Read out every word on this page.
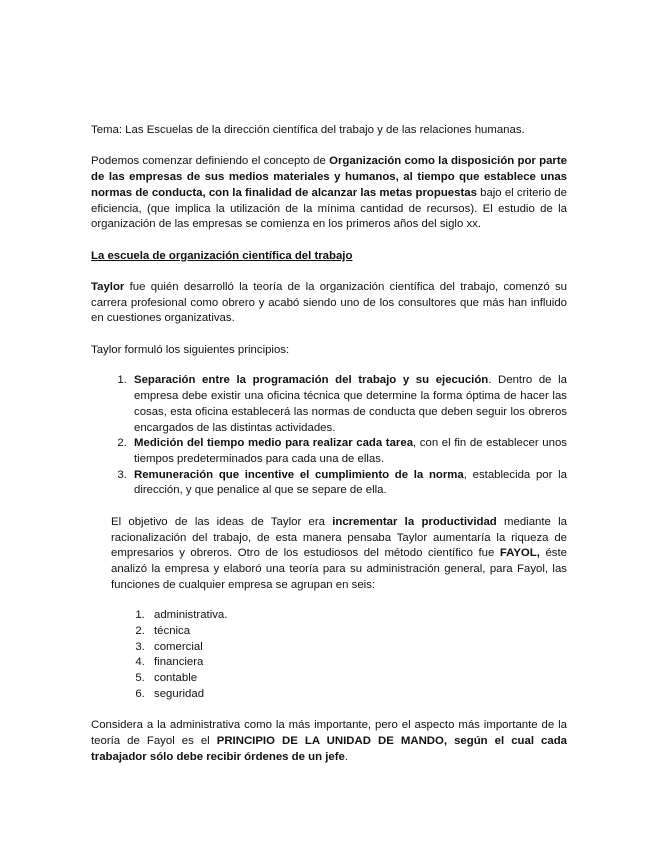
Tema: Las Escuelas de la dirección científica del trabajo y de las relaciones humanas.

Podemos comenzar definiendo el concepto de Organización como la disposición por parte de las empresas de sus medios materiales y humanos, al tiempo que establece unas normas de conducta, con la finalidad de alcanzar las metas propuestas bajo el criterio de eficiencia, (que implica la utilización de la mínima cantidad de recursos). El estudio de la organización de las empresas se comienza en los primeros años del siglo xx.

La escuela de organización científica del trabajo

Taylor fue quién desarrolló la teoría de la organización científica del trabajo, comenzó su carrera profesional como obrero y acabó siendo uno de los consultores que más han influido en cuestiones organizativas.

Taylor formuló los siguientes principios:

1. Separación entre la programación del trabajo y su ejecución. Dentro de la empresa debe existir una oficina técnica que determine la forma óptima de hacer las cosas, esta oficina establecerá las normas de conducta que deben seguir los obreros encargados de las distintas actividades.
2. Medición del tiempo medio para realizar cada tarea, con el fin de establecer unos tiempos predeterminados para cada una de ellas.
3. Remuneración que incentive el cumplimiento de la norma, establecida por la dirección, y que penalice al que se separe de ella.

El objetivo de las ideas de Taylor era incrementar la productividad mediante la racionalización del trabajo, de esta manera pensaba Taylor aumentaría la riqueza de empresarios y obreros. Otro de los estudiosos del método científico fue FAYOL, éste analizó la empresa y elaboró una teoría para su administración general, para Fayol, las funciones de cualquier empresa se agrupan en seis:

1. administrativa.
2. técnica
3. comercial
4. financiera
5. contable
6. seguridad

Considera a la administrativa como la más importante, pero el aspecto más importante de la teoría de Fayol es el PRINCIPIO DE LA UNIDAD DE MANDO, según el cual cada trabajador sólo debe recibir órdenes de un jefe.
